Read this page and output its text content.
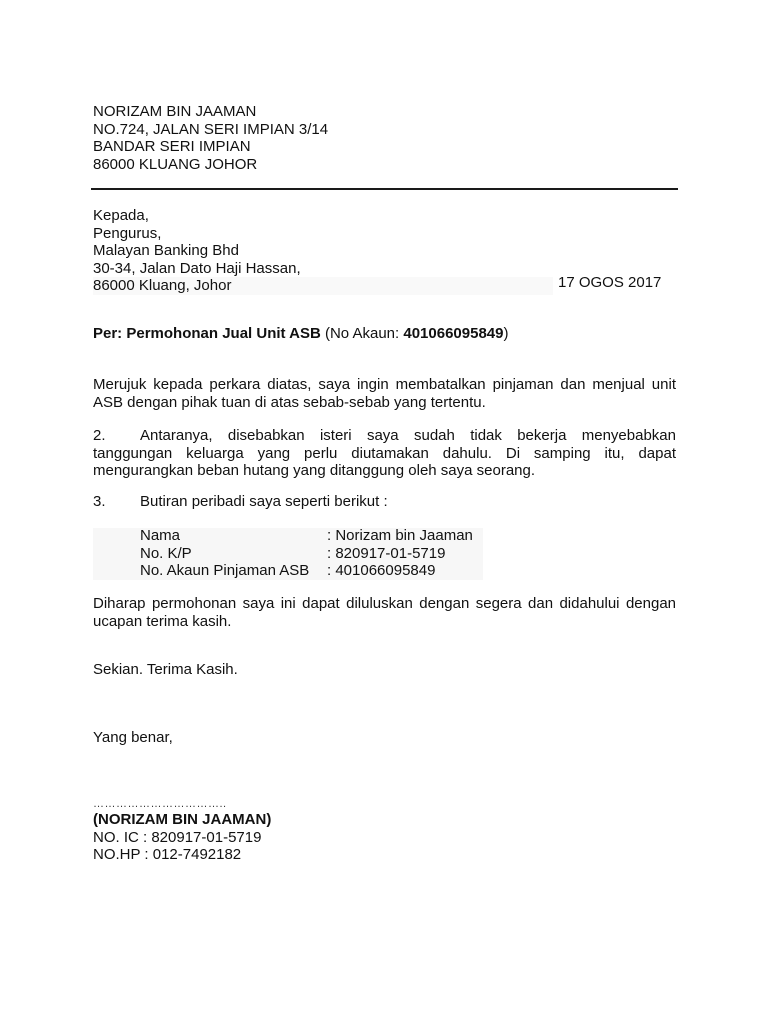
NORIZAM BIN JAAMAN
NO.724, JALAN SERI IMPIAN 3/14
BANDAR SERI IMPIAN
86000 KLUANG JOHOR
Kepada,
Pengurus,
Malayan Banking Bhd
30-34, Jalan Dato Haji Hassan,
86000 Kluang, Johor	17 OGOS 2017
Per: Permohonan Jual Unit ASB (No Akaun: 401066095849)
Merujuk kepada perkara diatas, saya ingin membatalkan pinjaman dan menjual unit ASB dengan pihak tuan di atas sebab-sebab yang tertentu.
2. Antaranya, disebabkan isteri saya sudah tidak bekerja menyebabkan tanggungan keluarga yang perlu diutamakan dahulu. Di samping itu, dapat mengurangkan beban hutang yang ditanggung oleh saya seorang.
3. Butiran peribadi saya seperti berikut :
Nama	: Norizam bin Jaaman
No. K/P	: 820917-01-5719
No. Akaun Pinjaman ASB	: 401066095849
Diharap permohonan saya ini dapat diluluskan dengan segera dan didahului dengan ucapan terima kasih.
Sekian. Terima Kasih.
Yang benar,
……………………………..
(NORIZAM BIN JAAMAN)
NO. IC : 820917-01-5719
NO.HP : 012-7492182
